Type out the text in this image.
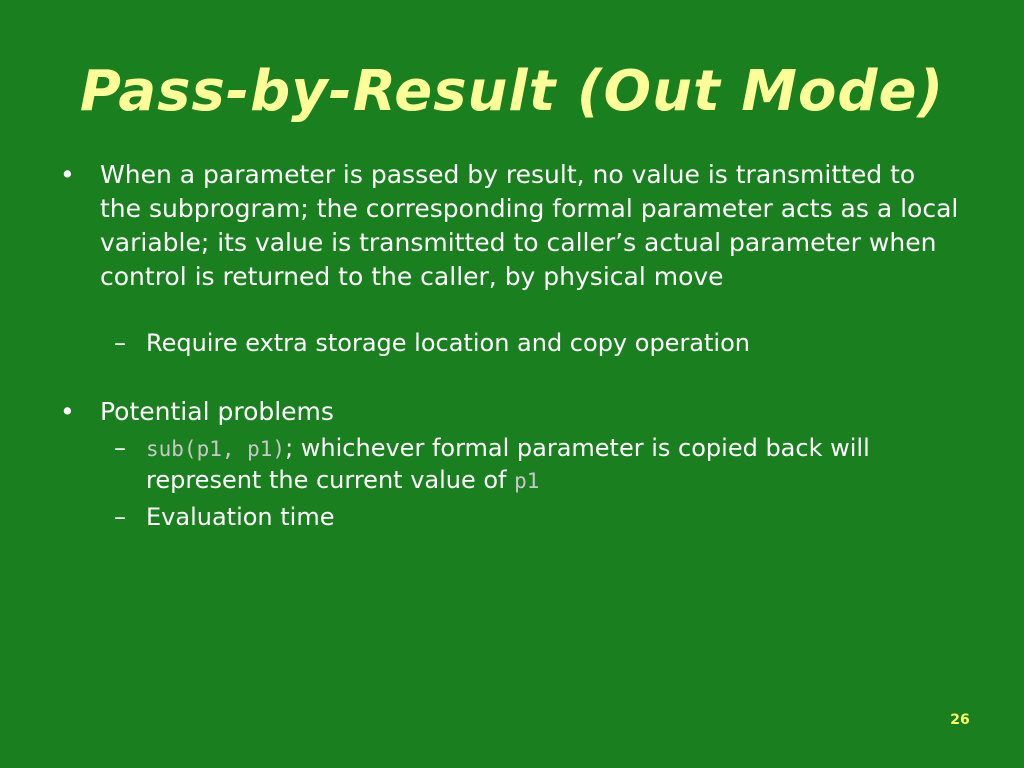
Pass-by-Result (Out Mode)
• When a parameter is passed by result, no value is transmitted to the subprogram; the corresponding formal parameter acts as a local variable; its value is transmitted to caller’s actual parameter when control is returned to the caller, by physical move
– Require extra storage location and copy operation
• Potential problems
– sub(p1, p1); whichever formal parameter is copied back will represent the current value of p1
– Evaluation time
26
